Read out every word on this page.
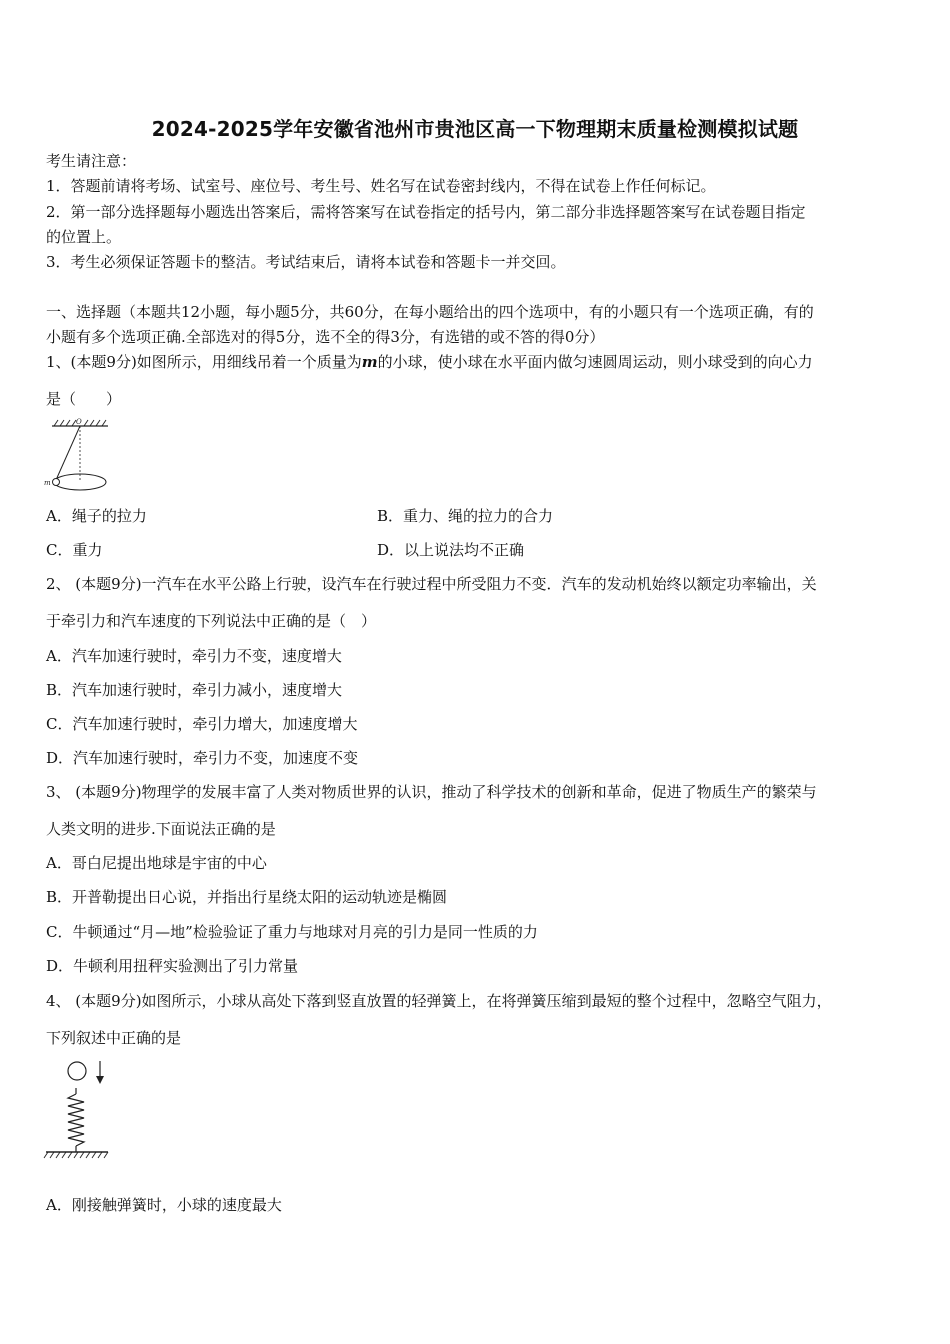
2024-2025学年安徽省池州市贵池区高一下物理期末质量检测模拟试题
考生请注意：
1．答题前请将考场、试室号、座位号、考生号、姓名写在试卷密封线内，不得在试卷上作任何标记。
2．第一部分选择题每小题选出答案后，需将答案写在试卷指定的括号内，第二部分非选择题答案写在试卷题目指定
的位置上。
3．考生必须保证答题卡的整洁。考试结束后，请将本试卷和答题卡一并交回。
一、选择题（本题共12小题，每小题5分，共60分，在每小题给出的四个选项中，有的小题只有一个选项正确，有的
小题有多个选项正确.全部选对的得5分，选不全的得3分，有选错的或不答的得0分）
1、(本题9分)如图所示，用细线吊着一个质量为m的小球，使小球在水平面内做匀速圆周运动，则小球受到的向心力
是（　　）
O
m
A．绳子的拉力	B．重力、绳的拉力的合力
C．重力	D．以上说法均不正确
2、 (本题9分)一汽车在水平公路上行驶，设汽车在行驶过程中所受阻力不变．汽车的发动机始终以额定功率输出，关
于牵引力和汽车速度的下列说法中正确的是（　）
A．汽车加速行驶时，牵引力不变，速度增大
B．汽车加速行驶时，牵引力减小，速度增大
C．汽车加速行驶时，牵引力增大，加速度增大
D．汽车加速行驶时，牵引力不变，加速度不变
3、 (本题9分)物理学的发展丰富了人类对物质世界的认识，推动了科学技术的创新和革命，促进了物质生产的繁荣与
人类文明的进步.下面说法正确的是
A．哥白尼提出地球是宇宙的中心
B．开普勒提出日心说，并指出行星绕太阳的运动轨迹是椭圆
C．牛顿通过“月—地”检验验证了重力与地球对月亮的引力是同一性质的力
D．牛顿利用扭秤实验测出了引力常量
4、 (本题9分)如图所示，小球从高处下落到竖直放置的轻弹簧上，在将弹簧压缩到最短的整个过程中，忽略空气阻力，
下列叙述中正确的是
A．刚接触弹簧时，小球的速度最大
